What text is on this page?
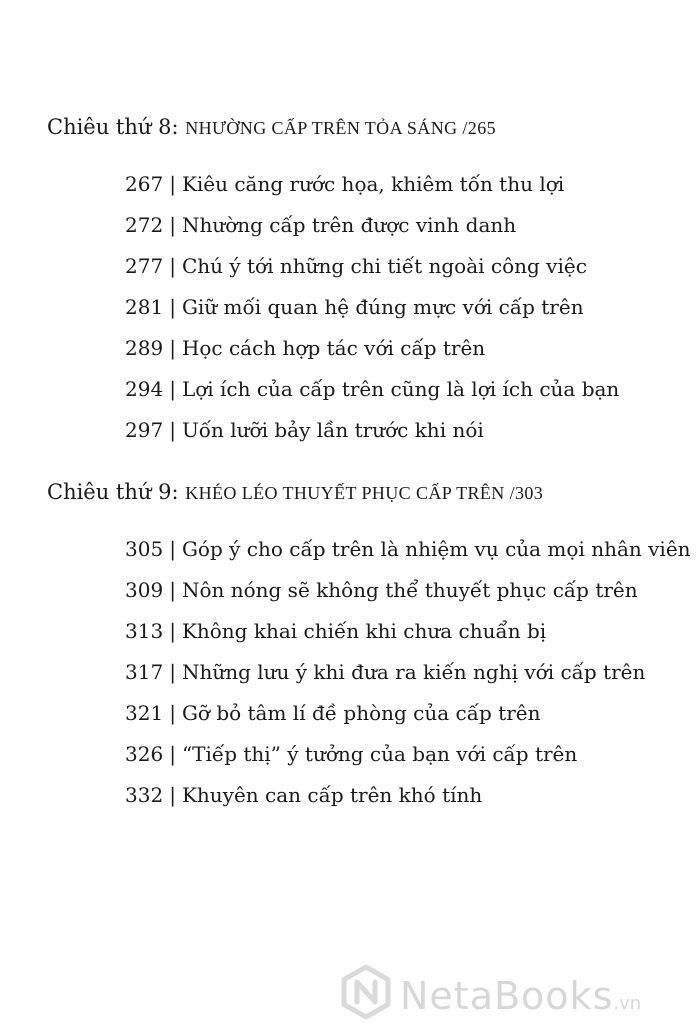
Chiêu thứ 8: NHƯỜNG CẤP TRÊN TỎA SÁNG /265
267 | Kiêu căng rước họa, khiêm tốn thu lợi
272 | Nhường cấp trên được vinh danh
277 | Chú ý tới những chi tiết ngoài công việc
281 | Giữ mối quan hệ đúng mực với cấp trên
289 | Học cách hợp tác với cấp trên
294 | Lợi ích của cấp trên cũng là lợi ích của bạn
297 | Uốn lưỡi bảy lần trước khi nói
Chiêu thứ 9: KHÉO LÉO THUYẾT PHỤC CẤP TRÊN /303
305 | Góp ý cho cấp trên là nhiệm vụ của mọi nhân viên
309 | Nôn nóng sẽ không thể thuyết phục cấp trên
313 | Không khai chiến khi chưa chuẩn bị
317 | Những lưu ý khi đưa ra kiến nghị với cấp trên
321 | Gỡ bỏ tâm lí đề phòng của cấp trên
326 | “Tiếp thị” ý tưởng của bạn với cấp trên
332 | Khuyên can cấp trên khó tính
NetaBooks.vn
